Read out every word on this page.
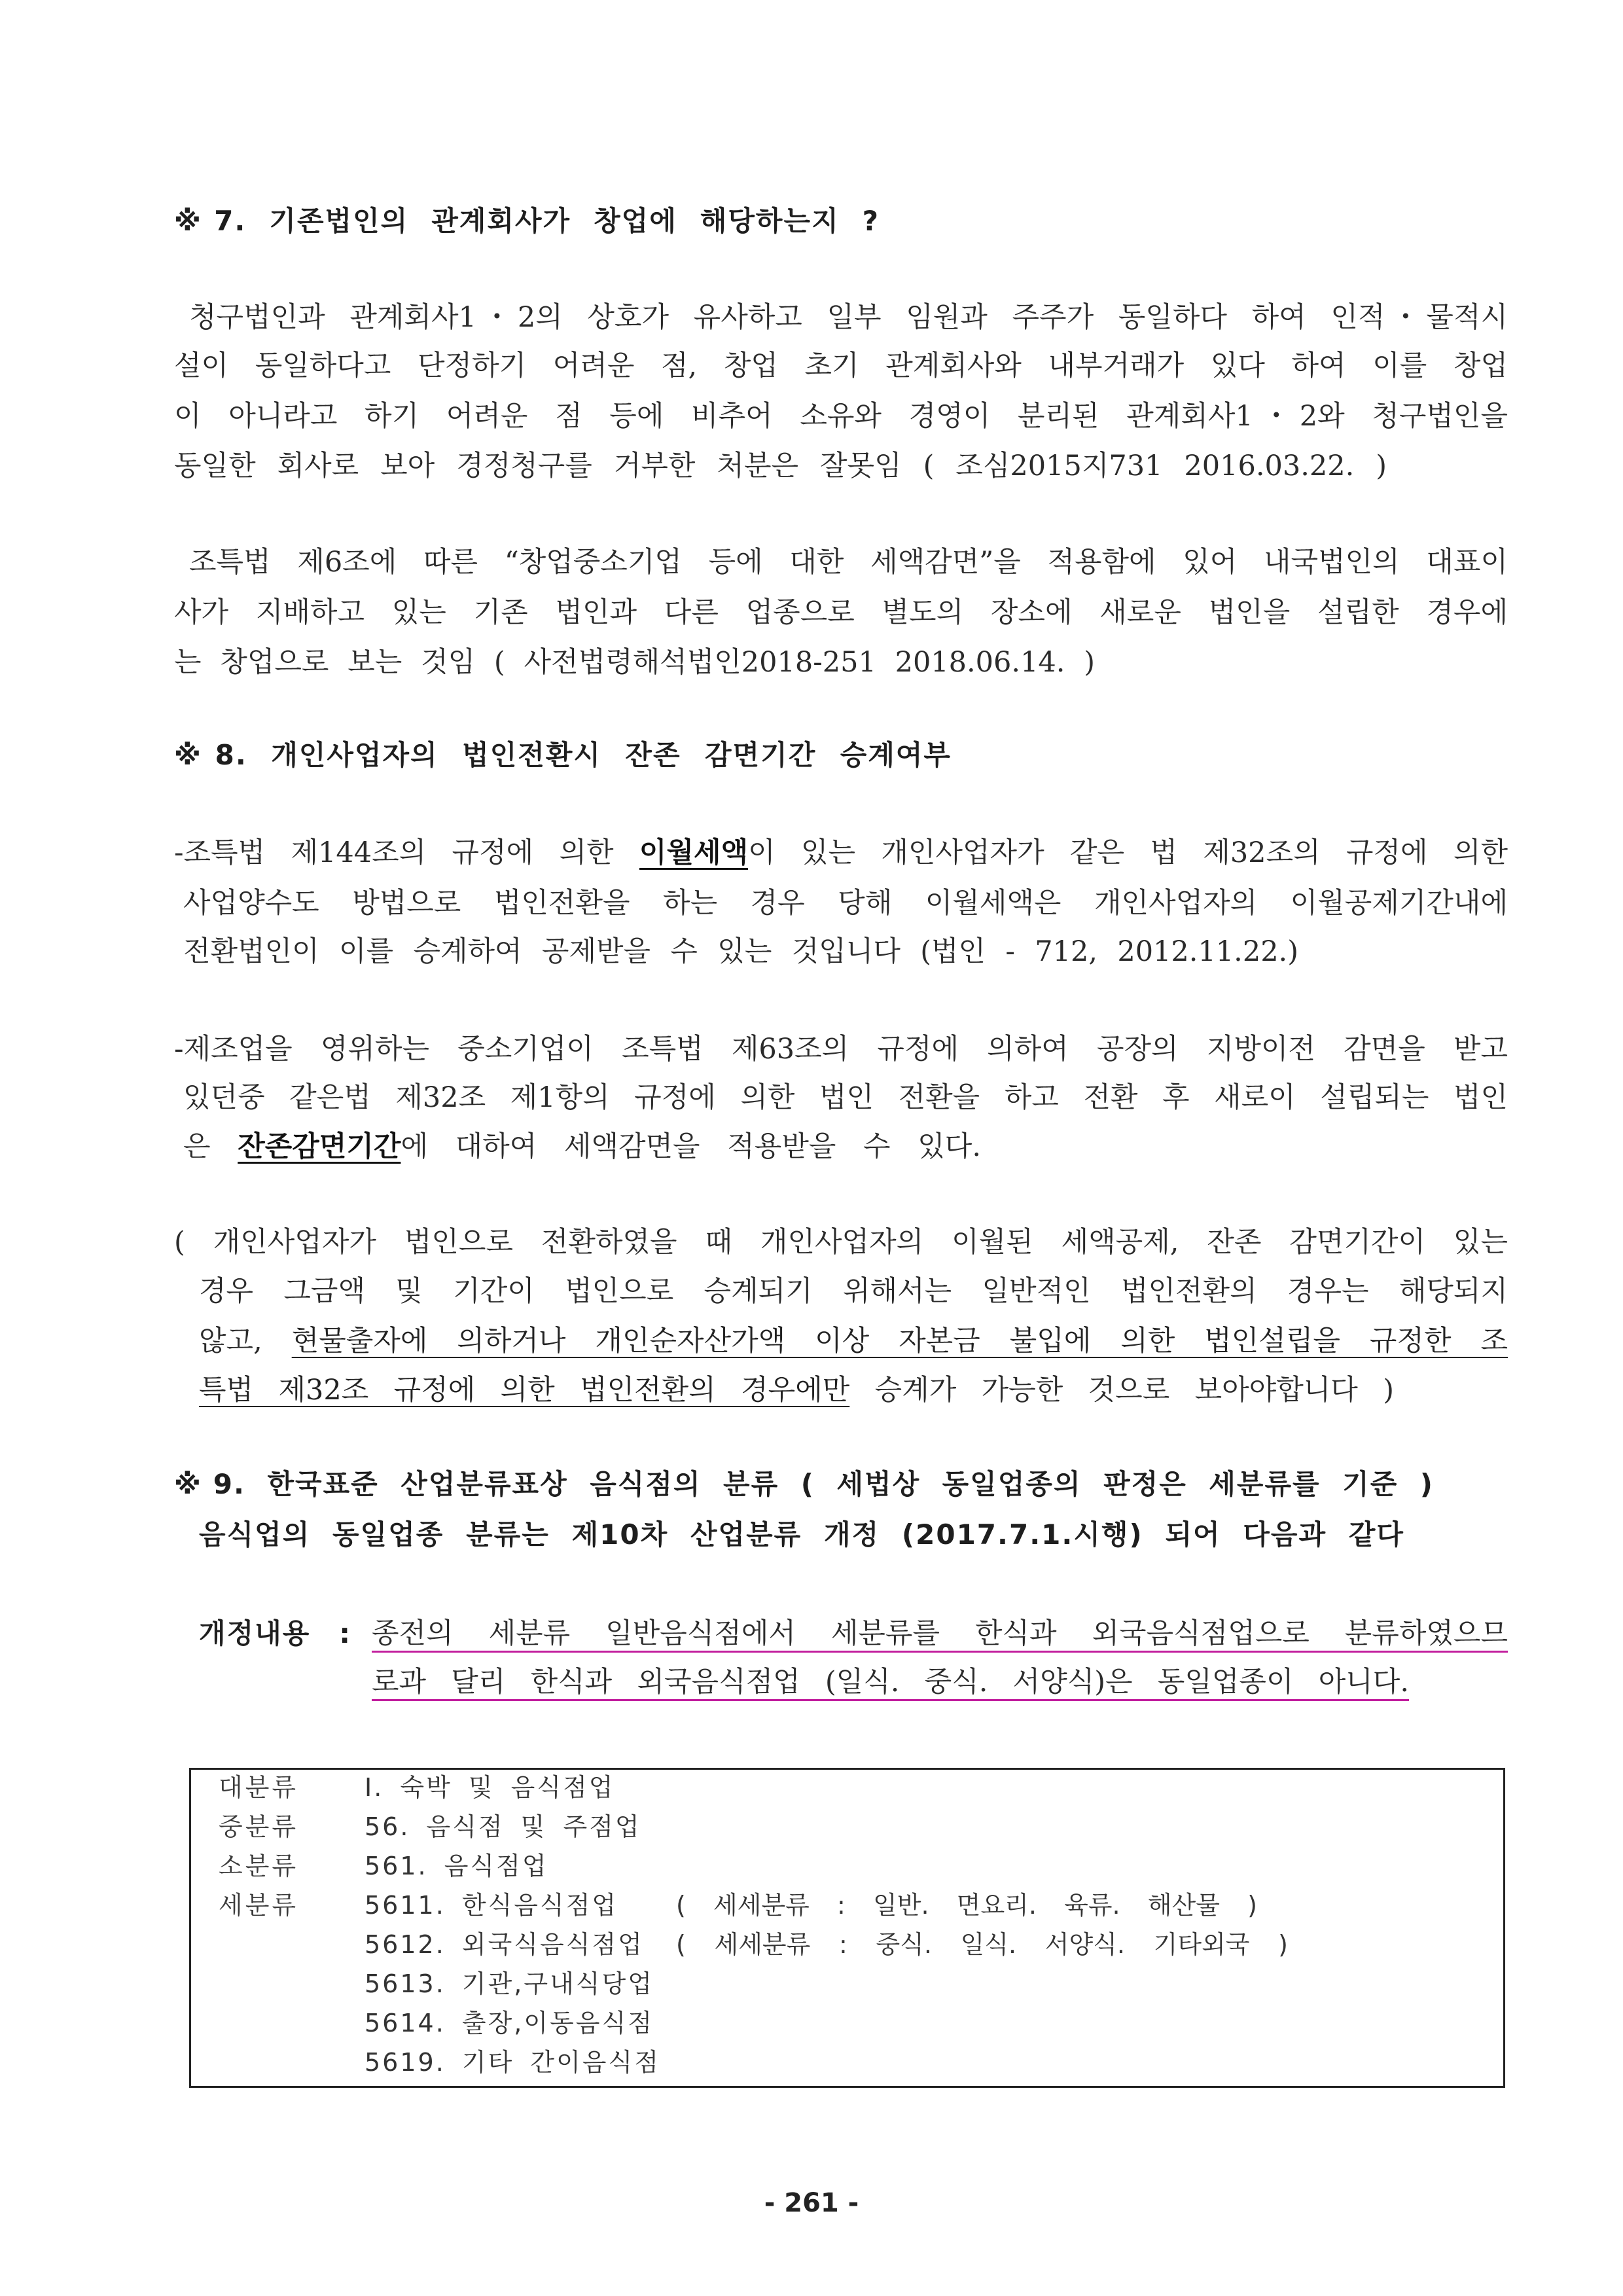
※7. 기존법인의 관계회사가 창업에 해당하는지 ?
청구법인과 관계회사1・2의 상호가 유사하고 일부 임원과 주주가 동일하다 하여 인적・물적시
설이 동일하다고 단정하기 어려운 점, 창업 초기 관계회사와 내부거래가 있다 하여 이를 창업
이 아니라고 하기 어려운 점 등에 비추어 소유와 경영이 분리된 관계회사1・2와 청구법인을
동일한 회사로 보아 경정청구를 거부한 처분은 잘못임 ( 조심2015지731 2016.03.22. )
조특법 제6조에 따른 “창업중소기업 등에 대한 세액감면”을 적용함에 있어 내국법인의 대표이
사가 지배하고 있는 기존 법인과 다른 업종으로 별도의 장소에 새로운 법인을 설립한 경우에
는 창업으로 보는 것임 ( 사전법령해석법인2018-251 2018.06.14. )
※8. 개인사업자의 법인전환시 잔존 감면기간 승계여부
-조특법 제144조의 규정에 의한 이월세액이 있는 개인사업자가 같은 법 제32조의 규정에 의한
사업양수도 방법으로 법인전환을 하는 경우 당해 이월세액은 개인사업자의 이월공제기간내에
전환법인이 이를 승계하여 공제받을 수 있는 것입니다 (법인 - 712, 2012.11.22.)
-제조업을 영위하는 중소기업이 조특법 제63조의 규정에 의하여 공장의 지방이전 감면을 받고
있던중 같은법 제32조 제1항의 규정에 의한 법인 전환을 하고 전환 후 새로이 설립되는 법인
은 잔존감면기간에 대하여 세액감면을 적용받을 수 있다.
( 개인사업자가 법인으로 전환하였을 때 개인사업자의 이월된 세액공제, 잔존 감면기간이 있는
경우 그금액 및 기간이 법인으로 승계되기 위해서는 일반적인 법인전환의 경우는 해당되지
않고, 현물출자에 의하거나 개인순자산가액 이상 자본금 불입에 의한 법인설립을 규정한 조
특법 제32조 규정에 의한 법인전환의 경우에만 승계가 가능한 것으로 보아야합니다 )
※9. 한국표준 산업분류표상 음식점의 분류 ( 세법상 동일업종의 판정은 세분류를 기준 )
음식업의 동일업종 분류는 제10차 산업분류 개정 (2017.7.1.시행) 되어 다음과 같다
개정내용 : 종전의 세분류 일반음식점에서 세분류를 한식과 외국음식점업으로 분류하였으므
로과 달리 한식과 외국음식점업 (일식. 중식. 서양식)은 동일업종이 아니다.
대분류	I. 숙박 및 음식점업
중분류	56. 음식점 및 주점업
소분류	561. 음식점업
세분류	5611. 한식음식점업 ( 세세분류 : 일반. 면요리. 육류. 해산물 )
5612. 외국식음식점업 ( 세세분류 : 중식. 일식. 서양식. 기타외국 )
5613. 기관,구내식당업
5614. 출장,이동음식점
5619. 기타 간이음식점
- 261 -
